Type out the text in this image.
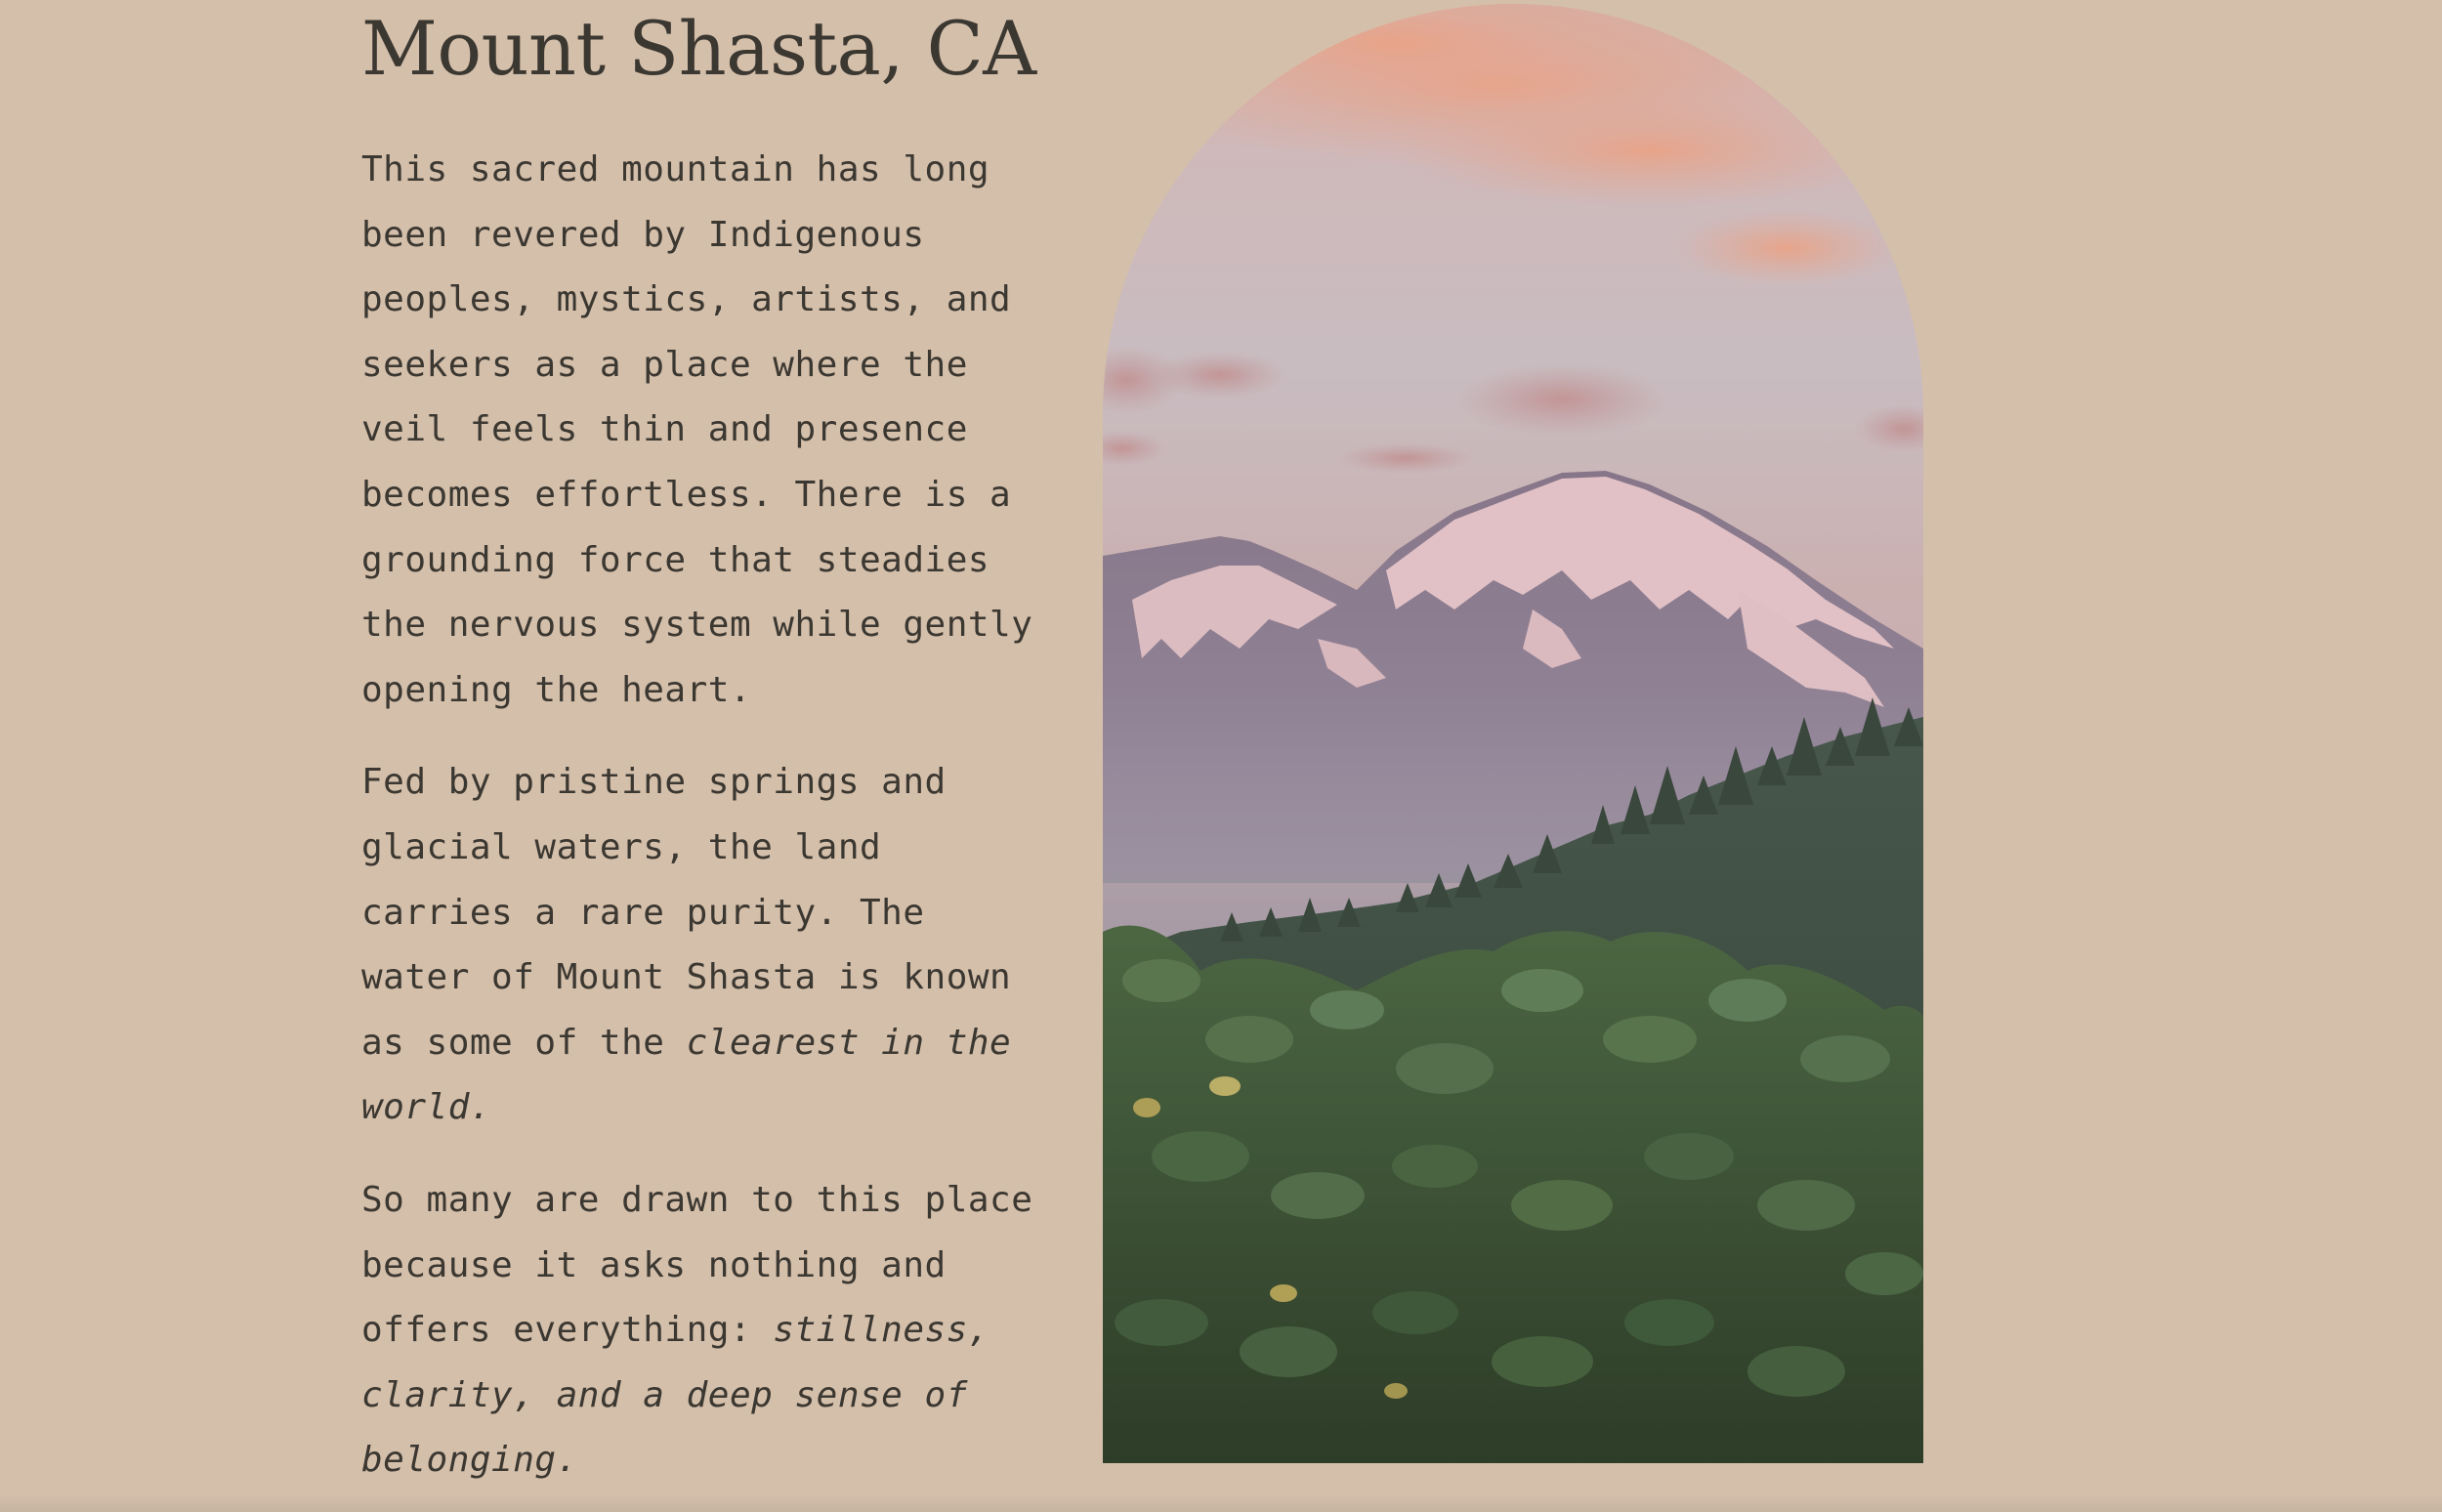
Mount Shasta, CA

This sacred mountain has long been revered by Indigenous peoples, mystics, artists, and seekers as a place where the veil feels thin and presence becomes effortless. There is a grounding force that steadies the nervous system while gently opening the heart.

Fed by pristine springs and glacial waters, the land carries a rare purity. The water of Mount Shasta is known as some of the clearest in the world.

So many are drawn to this place because it asks nothing and offers everything: stillness, clarity, and a deep sense of belonging.
